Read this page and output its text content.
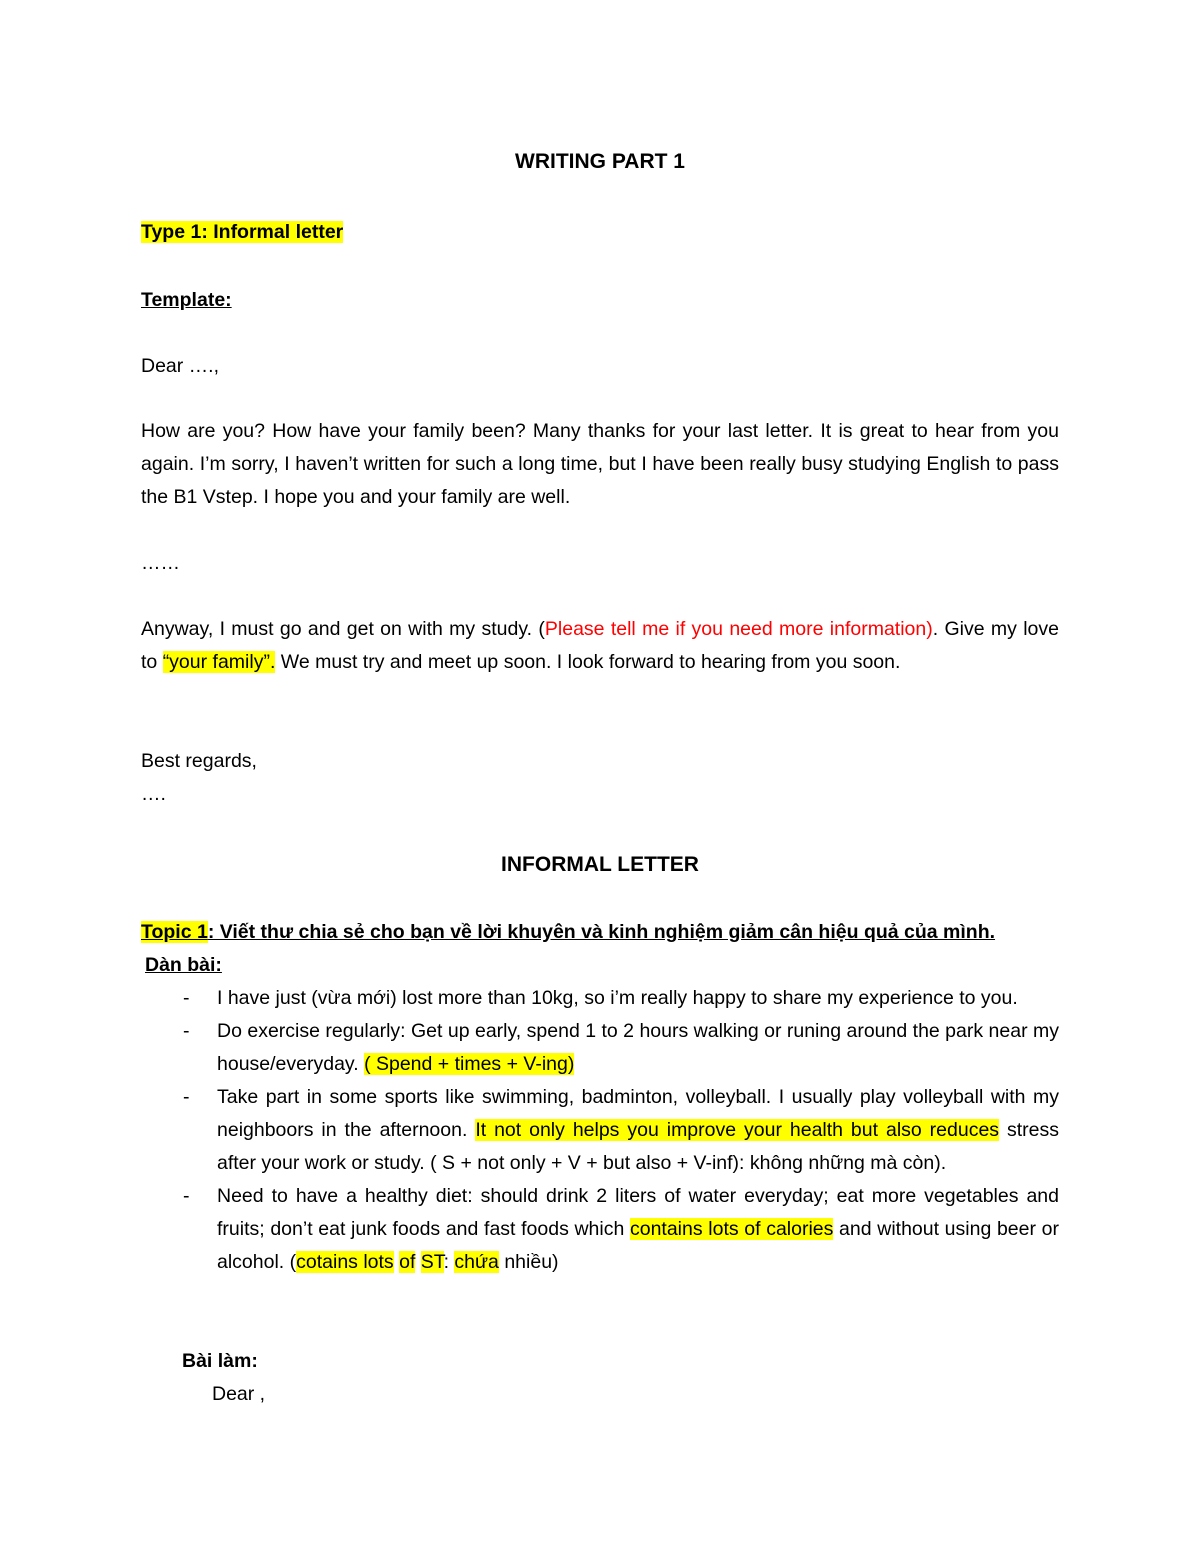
WRITING PART 1
Type 1: Informal letter
Template:
Dear ….,
How are you? How have your family been? Many thanks for your last letter. It is great to hear from you again. I’m sorry, I haven’t written for such a long time, but I have been really busy studying English to pass the B1 Vstep. I hope you and your family are well.
……
Anyway, I must go and get on with my study. (Please tell me if you need more information). Give my love to “your family”. We must try and meet up soon. I look forward to hearing from you soon.
Best regards,
….
INFORMAL LETTER
Topic 1: Viết thư chia sẻ cho bạn về lời khuyên và kinh nghiệm giảm cân hiệu quả của mình.
Dàn bài:
- I have just (vừa mới) lost more than 10kg, so i’m really happy to share my experience to you.
- Do exercise regularly: Get up early, spend 1 to 2 hours walking or runing around the park near my house/everyday. ( Spend + times + V-ing)
- Take part in some sports like swimming, badminton, volleyball. I usually play volleyball with my neighboors in the afternoon. It not only helps you improve your health but also reduces stress after your work or study. ( S + not only + V + but also + V-inf): không những mà còn).
- Need to have a healthy diet: should drink 2 liters of water everyday; eat more vegetables and fruits; don’t eat junk foods and fast foods which contains lots of calories and without using beer or alcohol. (cotains lots of ST: chứa nhiều)
Bài làm:
Dear ,
